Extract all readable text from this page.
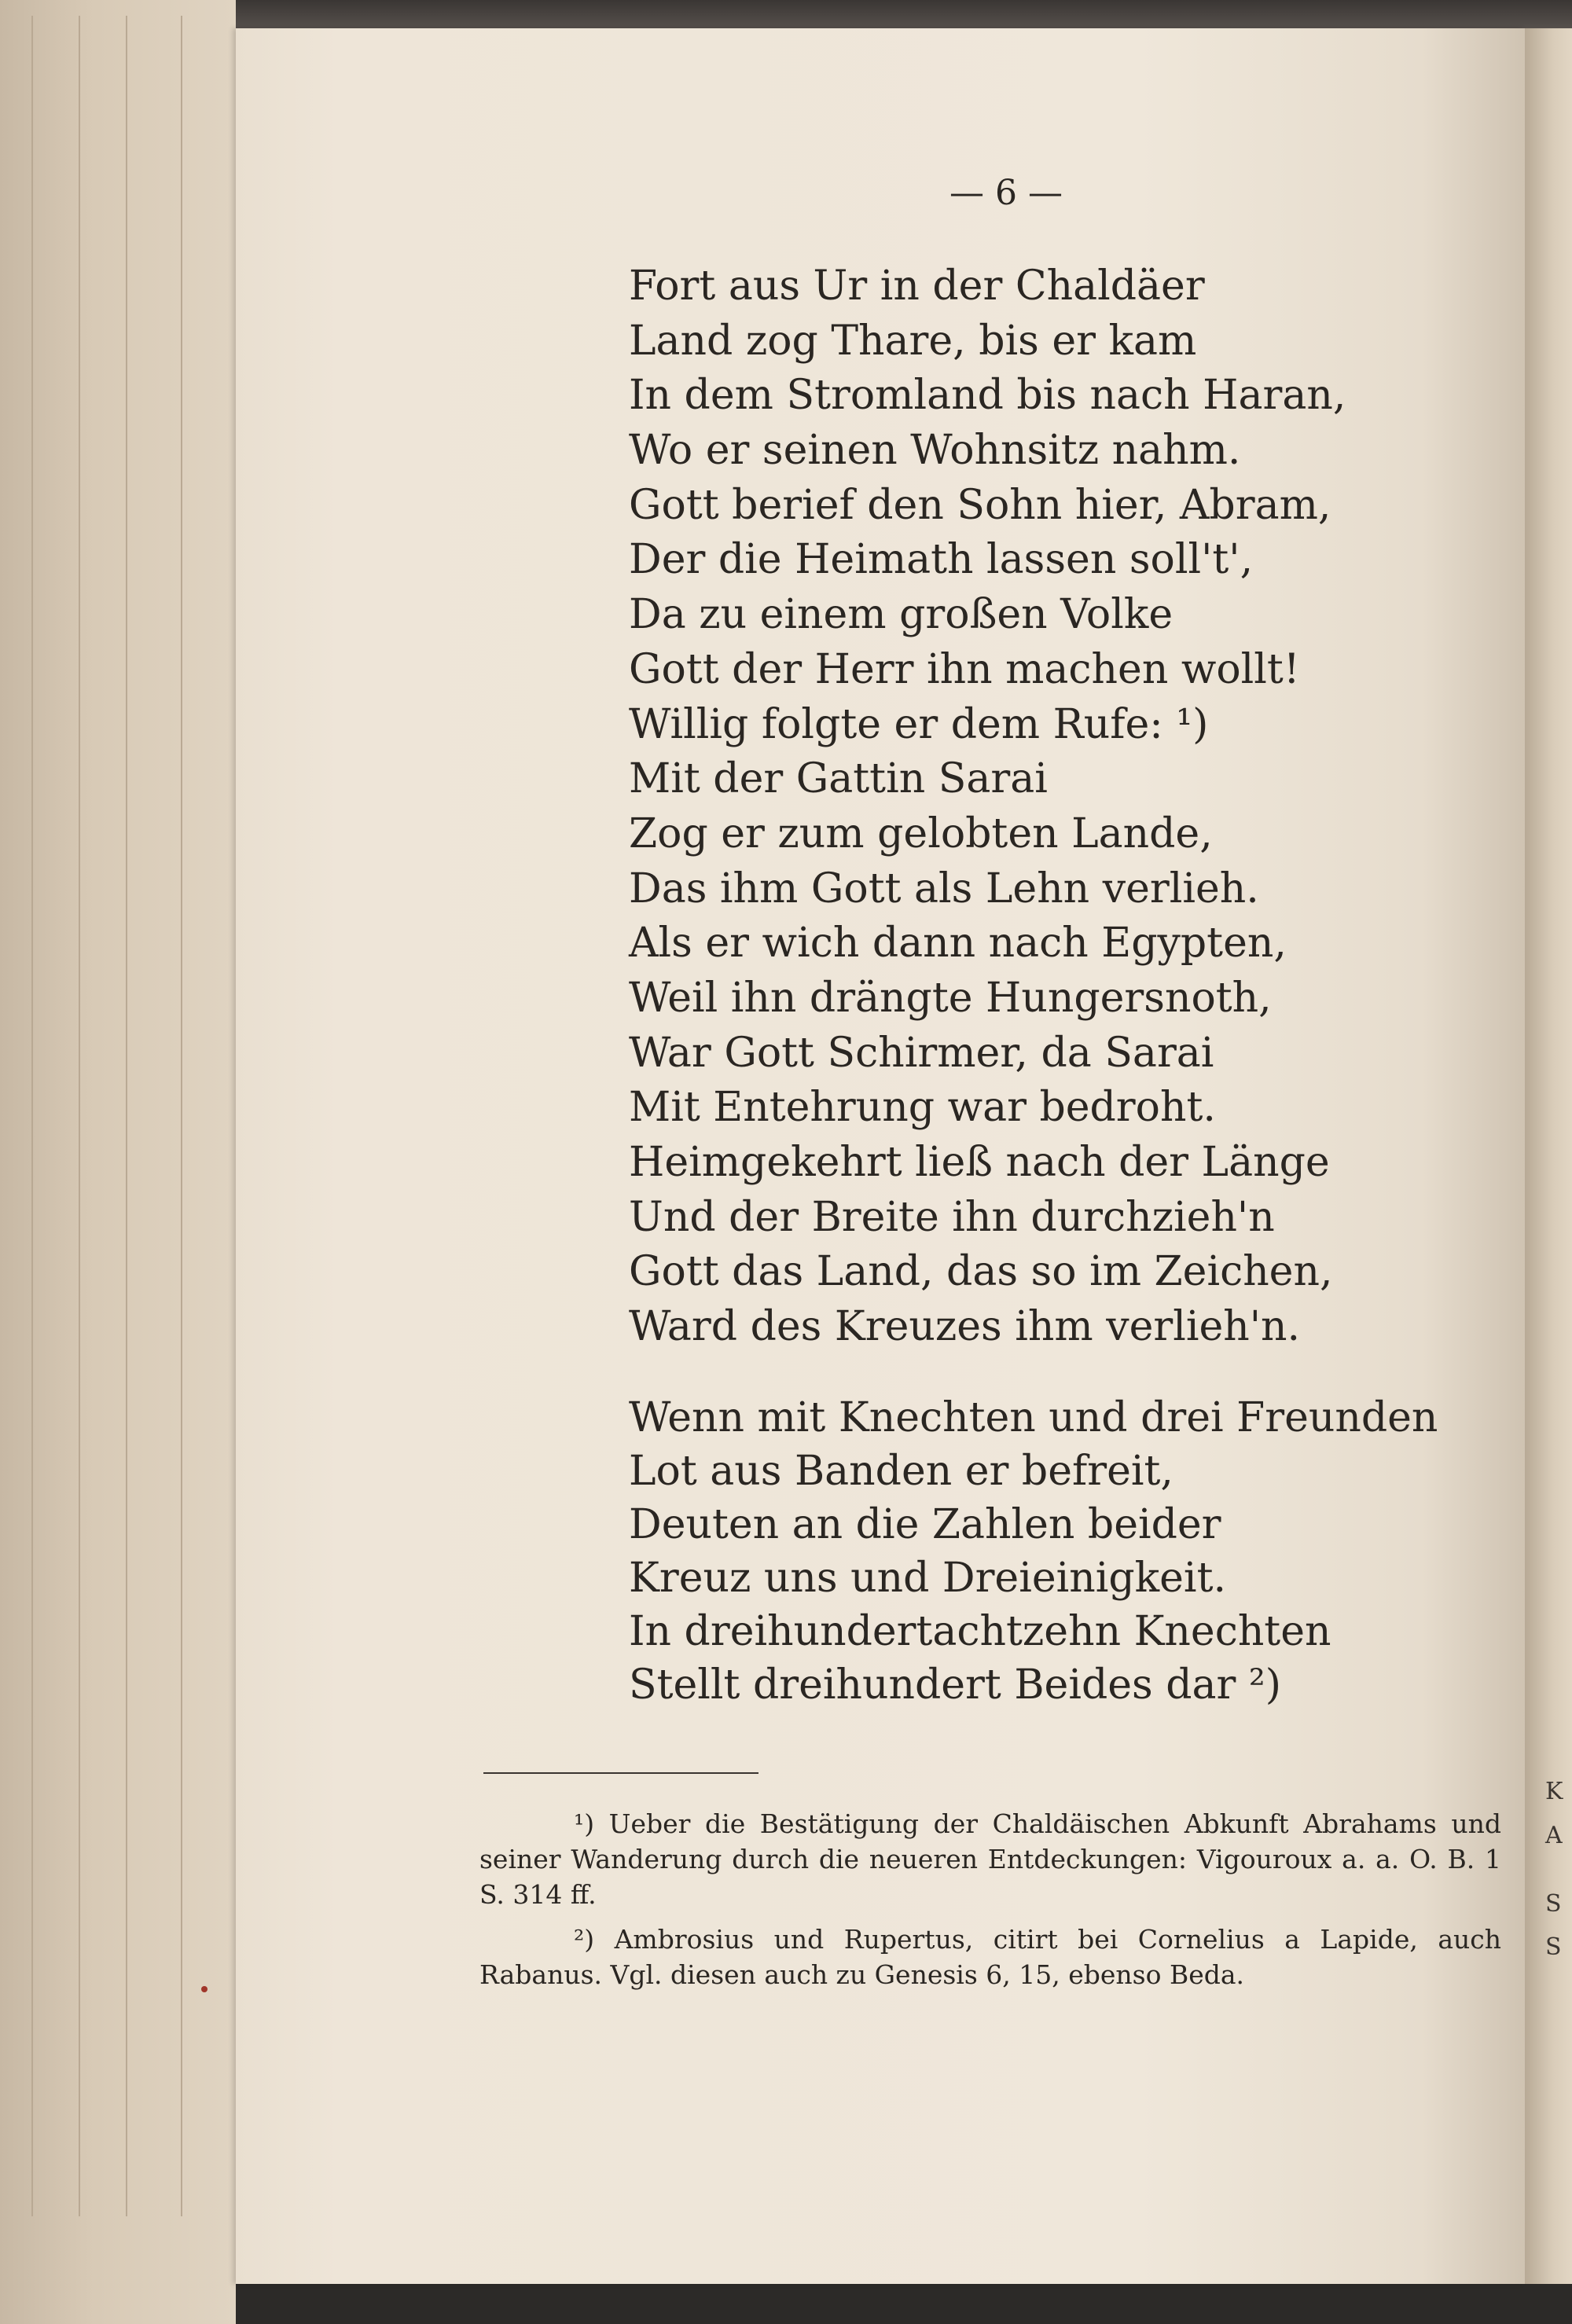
K
A
S
S
— 6 —
Fort aus Ur in der Chaldäer
Land zog Thare, bis er kam
In dem Stromland bis nach Haran,
Wo er seinen Wohnsitz nahm.
Gott berief den Sohn hier, Abram,
Der die Heimath lassen soll't',
Da zu einem großen Volke
Gott der Herr ihn machen wollt!
Willig folgte er dem Rufe: ¹)
Mit der Gattin Sarai
Zog er zum gelobten Lande,
Das ihm Gott als Lehn verlieh.
Als er wich dann nach Egypten,
Weil ihn drängte Hungersnoth,
War Gott Schirmer, da Sarai
Mit Entehrung war bedroht.
Heimgekehrt ließ nach der Länge
Und der Breite ihn durchzieh'n
Gott das Land, das so im Zeichen,
Ward des Kreuzes ihm verlieh'n.
Wenn mit Knechten und drei Freunden
Lot aus Banden er befreit,
Deuten an die Zahlen beider
Kreuz uns und Dreieinigkeit.
In dreihundertachtzehn Knechten
Stellt dreihundert Beides dar ²)

¹) Ueber die Bestätigung der Chaldäischen Abkunft Abrahams und seiner Wanderung durch die neueren Entdeckungen: Vigouroux a. a. O. B. 1 S. 314 ff.

²) Ambrosius und Rupertus, citirt bei Cornelius a Lapide, auch Rabanus. Vgl. diesen auch zu Genesis 6, 15, ebenso Beda.
